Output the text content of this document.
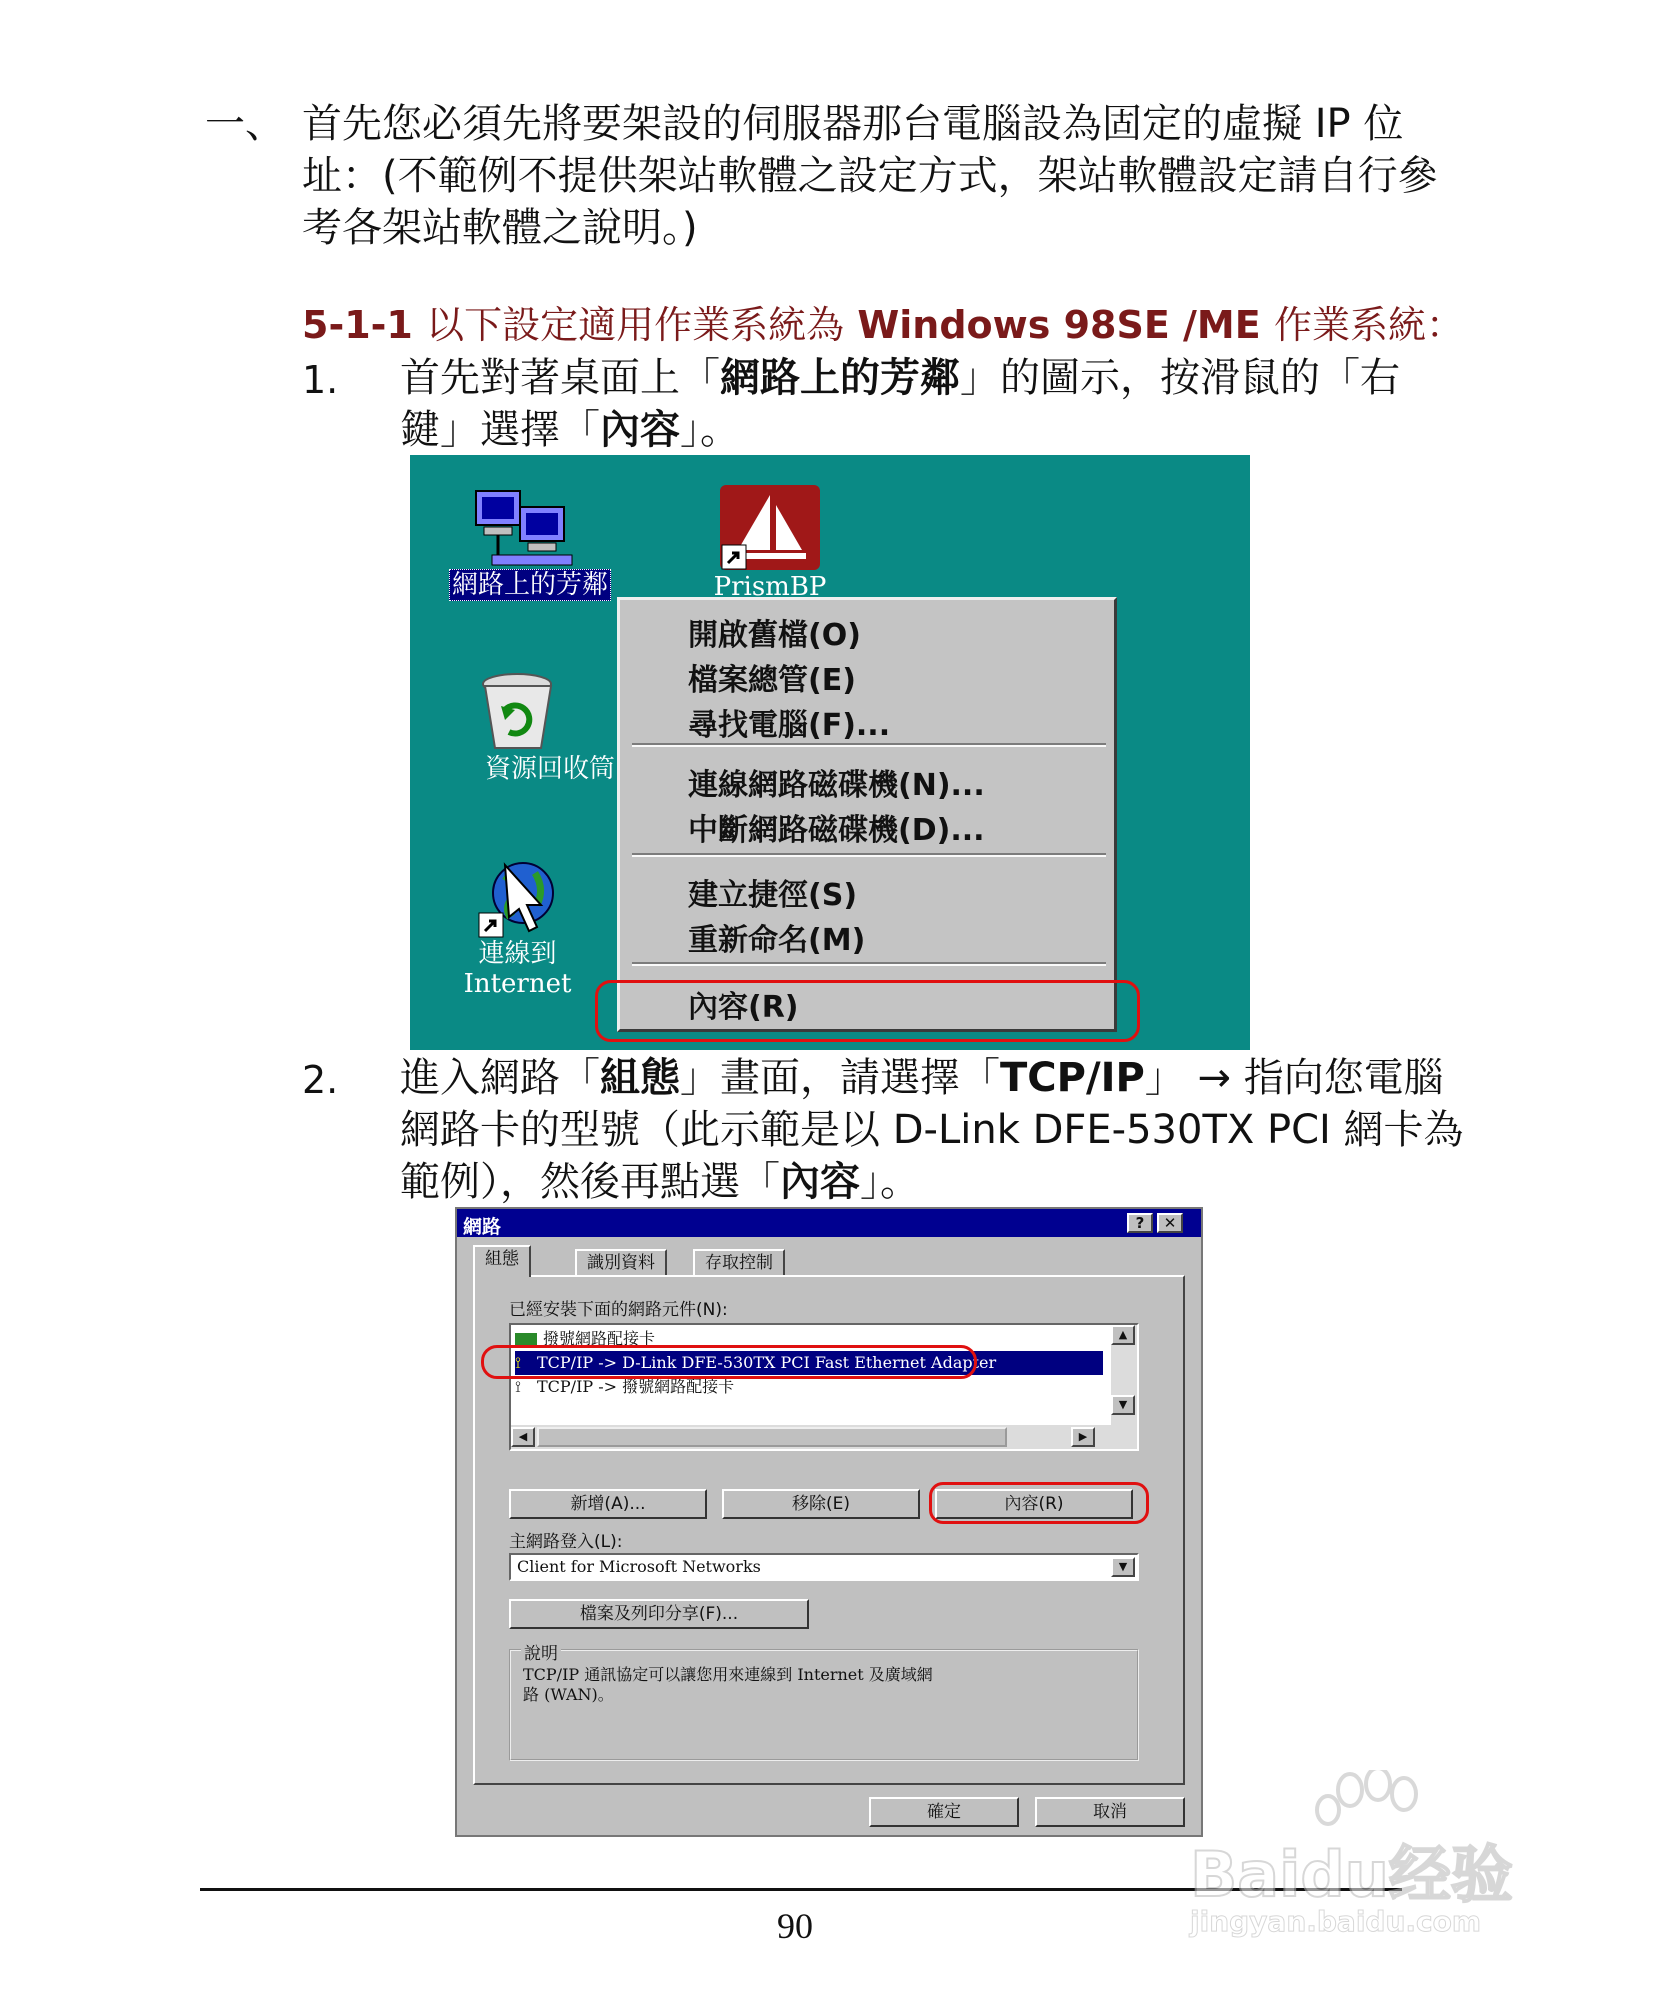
一、 首先您必須先將要架設的伺服器那台電腦設為固定的虛擬 IP 位
址：(不範例不提供架站軟體之設定方式，架站軟體設定請自行參
考各架站軟體之說明。)
5-1-1 以下設定適用作業系統為 Windows 98SE /ME 作業系統：
1. 首先對著桌面上「網路上的芳鄰」的圖示，按滑鼠的「右
鍵」選擇「內容」。
網路上的芳鄰	PrismBP
資源回收筒
連線到
Internet
開啟舊檔(O)
檔案總管(E)
尋找電腦(F)...
連線網路磁碟機(N)...
中斷網路磁碟機(D)...
建立捷徑(S)
重新命名(M)
內容(R)
2. 進入網路「組態」畫面，請選擇「TCP/IP」 → 指向您電腦
網路卡的型號（此示範是以 D-Link DFE-530TX PCI 網卡為
範例），然後再點選「內容」。
網路	?	✕
組態	識別資料	存取控制
已經安裝下面的網路元件(N):
撥號網路配接卡
⟟ TCP/IP -> D-Link DFE-530TX PCI Fast Ethernet Adapter
⟟ TCP/IP -> 撥號網路配接卡
▲
▼
◀	▶
新增(A)...	移除(E)	內容(R)
主網路登入(L):
Client for Microsoft Networks	▼
檔案及列印分享(F)...
說明
TCP/IP 通訊協定可以讓您用來連線到 Internet 及廣域網
路 (WAN)。
確定	取消
90
Baidu经验
jingyan.baidu.com
